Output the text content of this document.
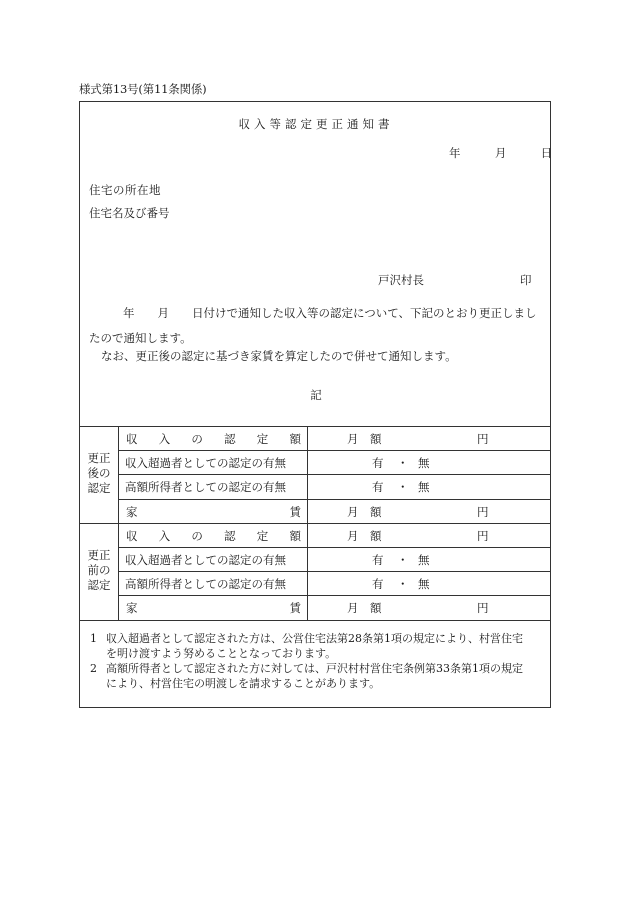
様式第13号(第11条関係)
収入等認定更正通知書
年	月	日
住宅の所在地
住宅名及び番号
戸沢村長	印
年　　月　　日付けで通知した収入等の認定について、下記のとおり更正しまし
たので通知します。
なお、更正後の認定に基づき家賃を算定したので併せて通知します。
記
更正
後の
認定
収 入 の 認 定 額	月　額	円
収入超過者としての認定の有無	有 ・ 無
高額所得者としての認定の有無	有 ・ 無
家	賃	月　額	円
更正
前の
認定
収 入 の 認 定 額	月　額	円
収入超過者としての認定の有無	有 ・ 無
高額所得者としての認定の有無	有 ・ 無
家	賃	月　額	円
1 収入超過者として認定された方は、公営住宅法第28条第1項の規定により、村営住宅
を明け渡すよう努めることとなっております。
2 高額所得者として認定された方に対しては、戸沢村村営住宅条例第33条第1項の規定
により、村営住宅の明渡しを請求することがあります。
